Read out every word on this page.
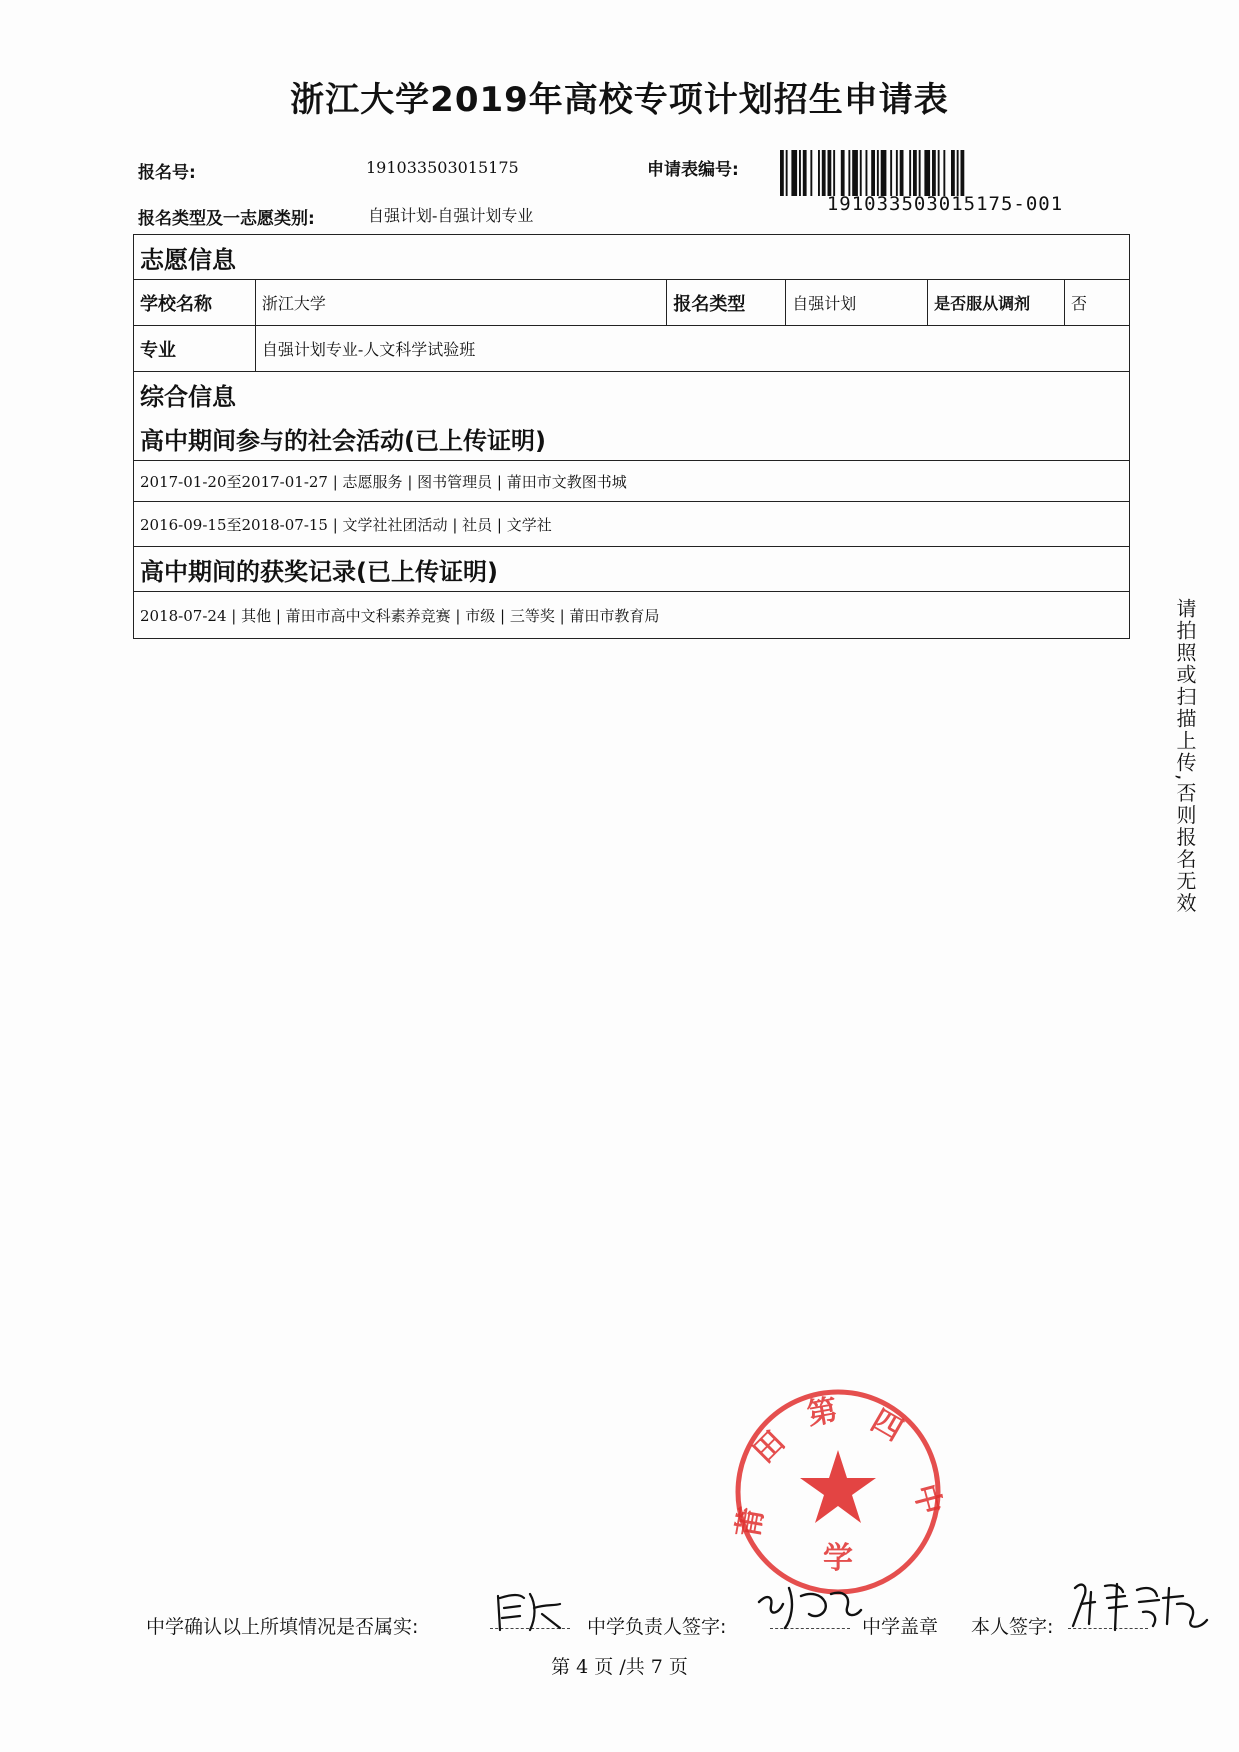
浙江大学2019年高校专项计划招生申请表
报名号:	191033503015175	申请表编号:
191033503015175-001
报名类型及一志愿类别:	自强计划-自强计划专业
志愿信息					
学校名称	浙江大学	报名类型	自强计划	是否服从调剂	否
专业	自强计划专业-人文科学试验班				
综合信息					
高中期间参与的社会活动(已上传证明)					
2017-01-20至2017-01-27 | 志愿服务 | 图书管理员 | 莆田市文教图书城					
2016-09-15至2018-07-15 | 文学社社团活动 | 社员 | 文学社					
高中期间的获奖记录(已上传证明)					
2018-07-24 | 其他 | 莆田市高中文科素养竞赛 | 市级 | 三等奖 | 莆田市教育局						请拍照或扫描上传,否则报名无效
莆
田
第 四
中
学
中学确认以上所填情况是否属实:	中学负责人签字:	中学盖章 本人签字:
第 4 页 /共 7 页
